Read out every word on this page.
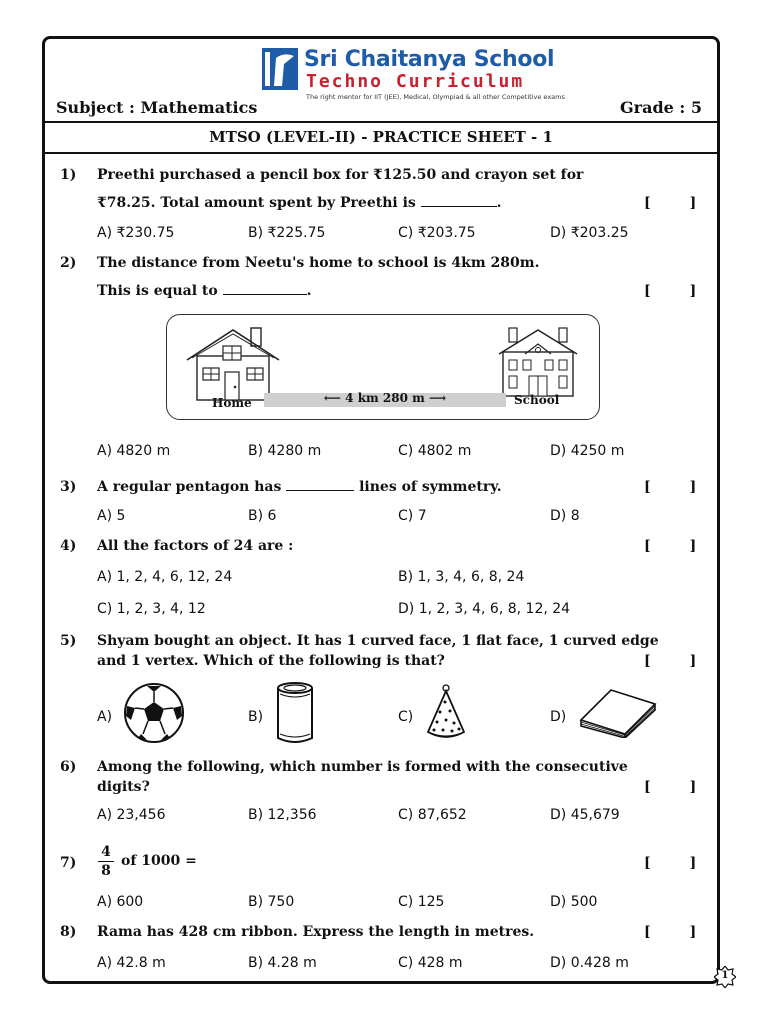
Sri Chaitanya School
Techno Curriculum
The right mentor for IIT (JEE), Medical, Olympiad & all other Competitive exams
Subject : Mathematics	Grade : 5
MTSO (LEVEL-II) - PRACTICE SHEET - 1
1) Preethi purchased a pencil box for ₹125.50 and crayon set for
₹78.25. Total amount spent by Preethi is	.	[        ]
A) ₹230.75	B) ₹225.75	C) ₹203.75	D) ₹203.25
2) The distance from Neetu's home to school is 4km 280m.
This is equal to	.	[        ]
⟵ 4 km 280 m ⟶
Home	School
A) 4820 m	B) 4280 m	C) 4802 m	D) 4250 m
3) A regular pentagon has	lines of symmetry.	[        ]
A) 5	B) 6	C) 7	D) 8
4) All the factors of 24 are :	[        ]
A) 1, 2, 4, 6, 12, 24	B) 1, 3, 4, 6, 8, 24
C) 1, 2, 3, 4, 12	D) 1, 2, 3, 4, 6, 8, 12, 24
5) Shyam bought an object. It has 1 curved face, 1 flat face, 1 curved edge
and 1 vertex. Which of the following is that?	[        ]
A)	B)	C)	D)
6) Among the following, which number is formed with the consecutive
digits?	[        ]
A) 23,456	B) 12,356	C) 87,652	D) 45,679
$7) \frac{4}{8}$ of 1000 =	[        ]
A) 600	B) 750	C) 125	D) 500
8) Rama has 428 cm ribbon. Express the length in metres.	[        ]
A) 42.8 m	B) 4.28 m	C) 428 m	D) 0.428 m
1
